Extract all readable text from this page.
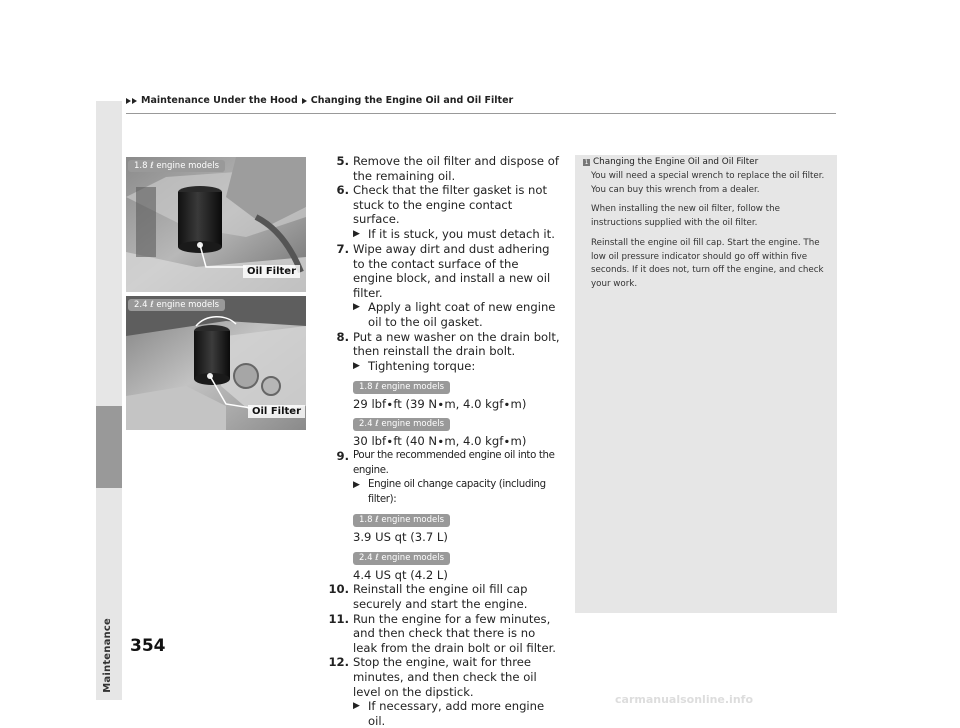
Maintenance Under the Hood Changing the Engine Oil and Oil Filter
Maintenance 354
1.8 ℓ engine models
Oil Filter
2.4 ℓ engine models
Oil Filter
5. Remove the oil filter and dispose of the remaining oil.
6. Check that the filter gasket is not stuck to the engine contact surface.
▶ If it is stuck, you must detach it.
7. Wipe away dirt and dust adhering to the contact surface of the engine block, and install a new oil filter.
▶ Apply a light coat of new engine oil to the oil gasket.
8. Put a new washer on the drain bolt, then reinstall the drain bolt.
▶ Tightening torque:
1.8 ℓ engine models
29 lbf∙ft (39 N∙m, 4.0 kgf∙m)
2.4 ℓ engine models
30 lbf∙ft (40 N∙m, 4.0 kgf∙m)
9. Pour the recommended engine oil into the engine.
▶ Engine oil change capacity (including filter):
1.8 ℓ engine models
3.9 US qt (3.7 L)
2.4 ℓ engine models
4.4 US qt (4.2 L)
10. Reinstall the engine oil fill cap securely and start the engine.
11. Run the engine for a few minutes, and then check that there is no leak from the drain bolt or oil filter.
12. Stop the engine, wait for three minutes, and then check the oil level on the dipstick.
▶ If necessary, add more engine oil.
1 Changing the Engine Oil and Oil Filter

You will need a special wrench to replace the oil filter. You can buy this wrench from a dealer.

When installing the new oil filter, follow the instructions supplied with the oil filter.

Reinstall the engine oil fill cap. Start the engine. The low oil pressure indicator should go off within five seconds. If it does not, turn off the engine, and check your work.

carmanualsonline.info
